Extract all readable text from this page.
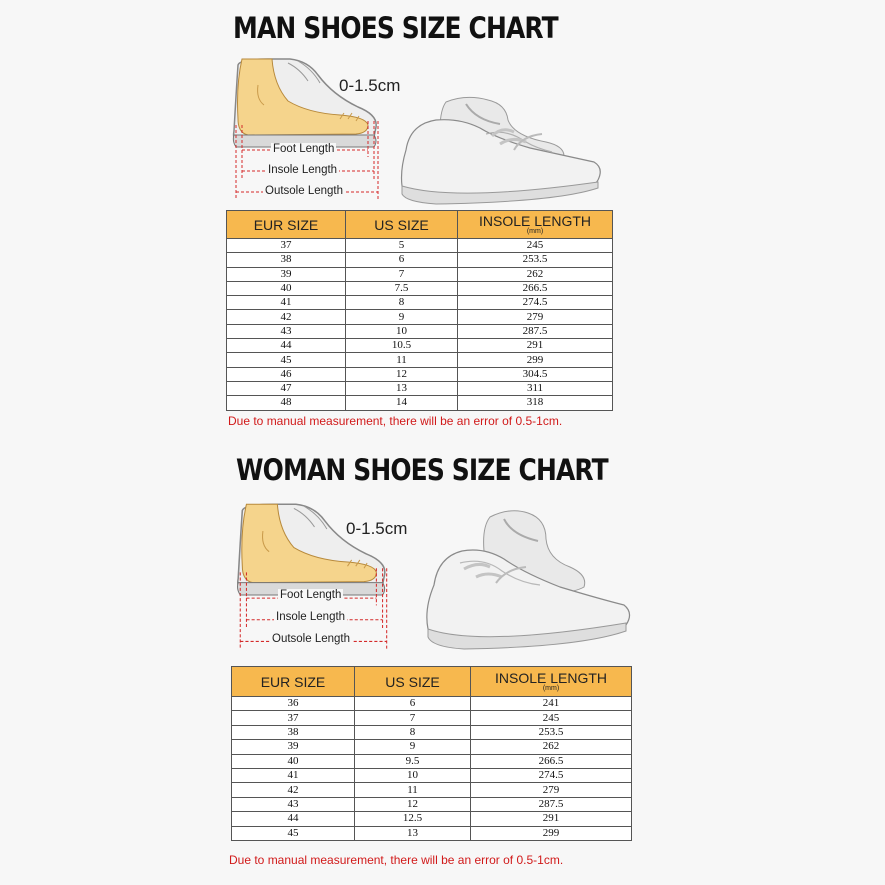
MAN SHOES SIZE CHART
Foot Length
Insole Length
Outsole Length
0-1.5cm
EUR SIZE	US SIZE	INSOLE LENGTH
(mm)

37	5	245
38	6	253.5
39	7	262
40	7.5	266.5
41	8	274.5
42	9	279
43	10	287.5
44	10.5	291
45	11	299
46	12	304.5
47	13	311
48	14	318

Due to manual measurement, there will be an error of 0.5-1cm.

WOMAN SHOES SIZE CHART
Foot Length
Insole Length
Outsole Length
0-1.5cm
EUR SIZE	US SIZE	INSOLE LENGTH
(mm)

36	6	241
37	7	245
38	8	253.5
39	9	262
40	9.5	266.5
41	10	274.5
42	11	279
43	12	287.5
44	12.5	291
45	13	299

Due to manual measurement, there will be an error of 0.5-1cm.
